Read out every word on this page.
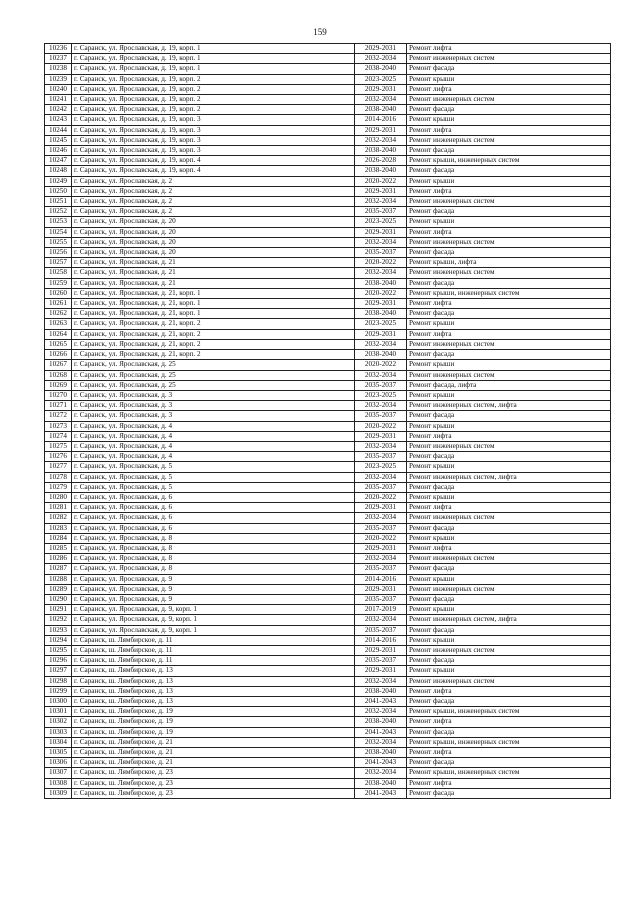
159
10236	г. Саранск, ул. Ярославская, д. 19, корп. 1	2029-2031	Ремонт лифта
10237	г. Саранск, ул. Ярославская, д. 19, корп. 1	2032-2034	Ремонт инженерных систем
10238	г. Саранск, ул. Ярославская, д. 19, корп. 1	2038-2040	Ремонт фасада
10239	г. Саранск, ул. Ярославская, д. 19, корп. 2	2023-2025	Ремонт крыши
10240	г. Саранск, ул. Ярославская, д. 19, корп. 2	2029-2031	Ремонт лифта
10241	г. Саранск, ул. Ярославская, д. 19, корп. 2	2032-2034	Ремонт инженерных систем
10242	г. Саранск, ул. Ярославская, д. 19, корп. 2	2038-2040	Ремонт фасада
10243	г. Саранск, ул. Ярославская, д. 19, корп. 3	2014-2016	Ремонт крыши
10244	г. Саранск, ул. Ярославская, д. 19, корп. 3	2029-2031	Ремонт лифта
10245	г. Саранск, ул. Ярославская, д. 19, корп. 3	2032-2034	Ремонт инженерных систем
10246	г. Саранск, ул. Ярославская, д. 19, корп. 3	2038-2040	Ремонт фасада
10247	г. Саранск, ул. Ярославская, д. 19, корп. 4	2026-2028	Ремонт крыши, инженерных систем
10248	г. Саранск, ул. Ярославская, д. 19, корп. 4	2038-2040	Ремонт фасада
10249	г. Саранск, ул. Ярославская, д. 2	2020-2022	Ремонт крыши
10250	г. Саранск, ул. Ярославская, д. 2	2029-2031	Ремонт лифта
10251	г. Саранск, ул. Ярославская, д. 2	2032-2034	Ремонт инженерных систем
10252	г. Саранск, ул. Ярославская, д. 2	2035-2037	Ремонт фасада
10253	г. Саранск, ул. Ярославская, д. 20	2023-2025	Ремонт крыши
10254	г. Саранск, ул. Ярославская, д. 20	2029-2031	Ремонт лифта
10255	г. Саранск, ул. Ярославская, д. 20	2032-2034	Ремонт инженерных систем
10256	г. Саранск, ул. Ярославская, д. 20	2035-2037	Ремонт фасада
10257	г. Саранск, ул. Ярославская, д. 21	2020-2022	Ремонт крыши, лифта
10258	г. Саранск, ул. Ярославская, д. 21	2032-2034	Ремонт инженерных систем
10259	г. Саранск, ул. Ярославская, д. 21	2038-2040	Ремонт фасада
10260	г. Саранск, ул. Ярославская, д. 21, корп. 1	2020-2022	Ремонт крыши, инженерных систем
10261	г. Саранск, ул. Ярославская, д. 21, корп. 1	2029-2031	Ремонт лифта
10262	г. Саранск, ул. Ярославская, д. 21, корп. 1	2038-2040	Ремонт фасада
10263	г. Саранск, ул. Ярославская, д. 21, корп. 2	2023-2025	Ремонт крыши
10264	г. Саранск, ул. Ярославская, д. 21, корп. 2	2029-2031	Ремонт лифта
10265	г. Саранск, ул. Ярославская, д. 21, корп. 2	2032-2034	Ремонт инженерных систем
10266	г. Саранск, ул. Ярославская, д. 21, корп. 2	2038-2040	Ремонт фасада
10267	г. Саранск, ул. Ярославская, д. 25	2020-2022	Ремонт крыши
10268	г. Саранск, ул. Ярославская, д. 25	2032-2034	Ремонт инженерных систем
10269	г. Саранск, ул. Ярославская, д. 25	2035-2037	Ремонт фасада, лифта
10270	г. Саранск, ул. Ярославская, д. 3	2023-2025	Ремонт крыши
10271	г. Саранск, ул. Ярославская, д. 3	2032-2034	Ремонт инженерных систем, лифта
10272	г. Саранск, ул. Ярославская, д. 3	2035-2037	Ремонт фасада
10273	г. Саранск, ул. Ярославская, д. 4	2020-2022	Ремонт крыши
10274	г. Саранск, ул. Ярославская, д. 4	2029-2031	Ремонт лифта
10275	г. Саранск, ул. Ярославская, д. 4	2032-2034	Ремонт инженерных систем
10276	г. Саранск, ул. Ярославская, д. 4	2035-2037	Ремонт фасада
10277	г. Саранск, ул. Ярославская, д. 5	2023-2025	Ремонт крыши
10278	г. Саранск, ул. Ярославская, д. 5	2032-2034	Ремонт инженерных систем, лифта
10279	г. Саранск, ул. Ярославская, д. 5	2035-2037	Ремонт фасада
10280	г. Саранск, ул. Ярославская, д. 6	2020-2022	Ремонт крыши
10281	г. Саранск, ул. Ярославская, д. 6	2029-2031	Ремонт лифта
10282	г. Саранск, ул. Ярославская, д. 6	2032-2034	Ремонт инженерных систем
10283	г. Саранск, ул. Ярославская, д. 6	2035-2037	Ремонт фасада
10284	г. Саранск, ул. Ярославская, д. 8	2020-2022	Ремонт крыши
10285	г. Саранск, ул. Ярославская, д. 8	2029-2031	Ремонт лифта
10286	г. Саранск, ул. Ярославская, д. 8	2032-2034	Ремонт инженерных систем
10287	г. Саранск, ул. Ярославская, д. 8	2035-2037	Ремонт фасада
10288	г. Саранск, ул. Ярославская, д. 9	2014-2016	Ремонт крыши
10289	г. Саранск, ул. Ярославская, д. 9	2029-2031	Ремонт инженерных систем
10290	г. Саранск, ул. Ярославская, д. 9	2035-2037	Ремонт фасада
10291	г. Саранск, ул. Ярославская, д. 9, корп. 1	2017-2019	Ремонт крыши
10292	г. Саранск, ул. Ярославская, д. 9, корп. 1	2032-2034	Ремонт инженерных систем, лифта
10293	г. Саранск, ул. Ярославская, д. 9, корп. 1	2035-2037	Ремонт фасада
10294	г. Саранск, ш. Лямбирское, д. 11	2014-2016	Ремонт крыши
10295	г. Саранск, ш. Лямбирское, д. 11	2029-2031	Ремонт инженерных систем
10296	г. Саранск, ш. Лямбирское, д. 11	2035-2037	Ремонт фасада
10297	г. Саранск, ш. Лямбирское, д. 13	2029-2031	Ремонт крыши
10298	г. Саранск, ш. Лямбирское, д. 13	2032-2034	Ремонт инженерных систем
10299	г. Саранск, ш. Лямбирское, д. 13	2038-2040	Ремонт лифта
10300	г. Саранск, ш. Лямбирское, д. 13	2041-2043	Ремонт фасада
10301	г. Саранск, ш. Лямбирское, д. 19	2032-2034	Ремонт крыши, инженерных систем
10302	г. Саранск, ш. Лямбирское, д. 19	2038-2040	Ремонт лифта
10303	г. Саранск, ш. Лямбирское, д. 19	2041-2043	Ремонт фасада
10304	г. Саранск, ш. Лямбирское, д. 21	2032-2034	Ремонт крыши, инженерных систем
10305	г. Саранск, ш. Лямбирское, д. 21	2038-2040	Ремонт лифта
10306	г. Саранск, ш. Лямбирское, д. 21	2041-2043	Ремонт фасада
10307	г. Саранск, ш. Лямбирское, д. 23	2032-2034	Ремонт крыши, инженерных систем
10308	г. Саранск, ш. Лямбирское, д. 23	2038-2040	Ремонт лифта
10309	г. Саранск, ш. Лямбирское, д. 23	2041-2043	Ремонт фасада
